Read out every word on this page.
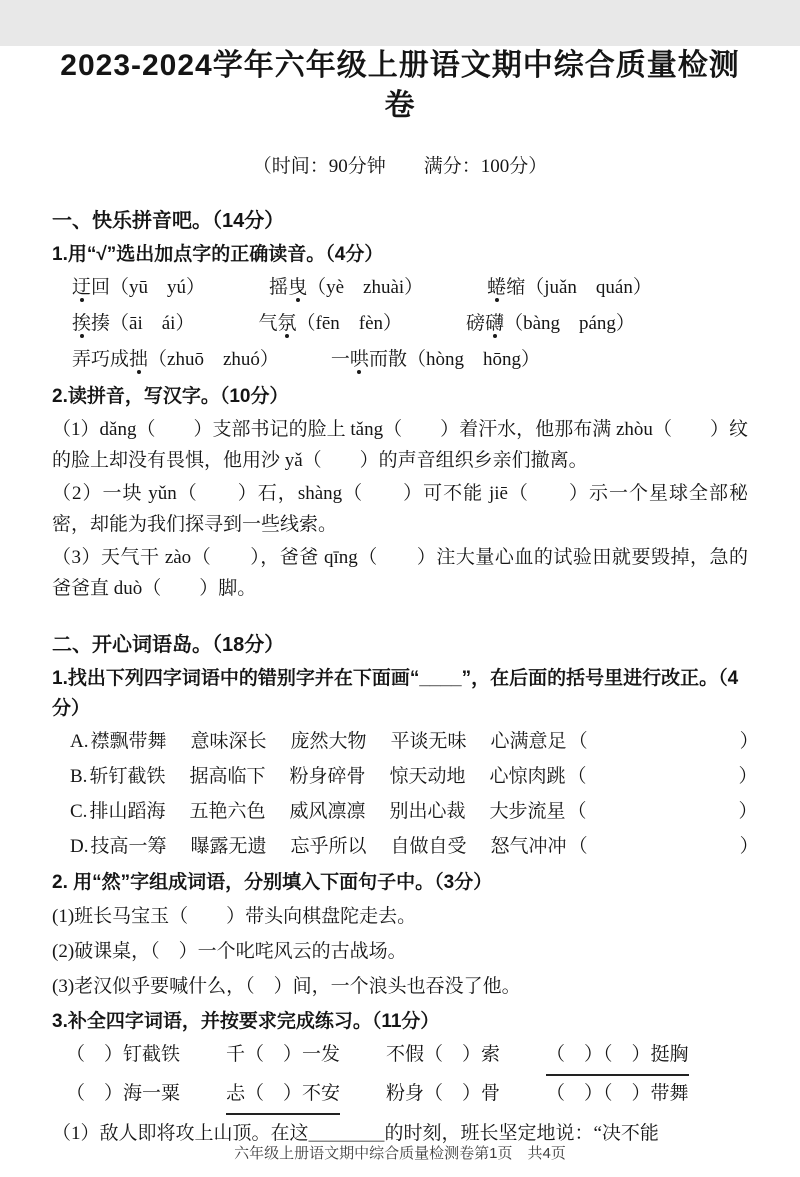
2023-2024学年六年级上册语文期中综合质量检测卷
（时间：90分钟　　满分：100分）
一、快乐拼音吧。（14分）
1.用“√”选出加点字的正确读音。（4分）
迂回（yū　yú）	摇曳（yè　zhuài）	蜷缩（juǎn　quán）
挨揍（āi　ái）	气氛（fēn　fèn）	磅礴（bàng　páng）
弄巧成拙（zhuō　zhuó）	一哄而散（hòng　hōng）
2.读拼音，写汉字。（10分）

（1）dǎng（　　）支部书记的脸上 tǎng（　　）着汗水，他那布满 zhòu（　　）纹的脸上却没有畏惧，他用沙 yǎ（　　）的声音组织乡亲们撤离。

（2）一块 yǔn（　　）石，shàng（　　）可不能 jiē（　　）示一个星球全部秘密，却能为我们探寻到一些线索。

（3）天气干 zào（　　），爸爸 qīng（　　）注大量心血的试验田就要毁掉，急的爸爸直 duò（　　）脚。

二、开心词语岛。（18分）
1.找出下列四字词语中的错别字并在下面画“____”，在后面的括号里进行改正。（4分）
A. 襟飘带舞 意味深长 庞然大物 平谈无味 心满意足 （　　　　　　　　）
B. 斩钉截铁 据高临下 粉身碎骨 惊天动地 心惊肉跳 （　　　　　　　　）
C. 排山蹈海 五艳六色 威风凛凛 别出心裁 大步流星 （　　　　　　　　）
D. 技高一筹 曝露无遗 忘乎所以 自做自受 怒气冲冲 （　　　　　　　　）
2. 用“然”字组成词语，分别填入下面句子中。（3分）

(1)班长马宝玉（　　）带头向棋盘陀走去。

(2)破课桌，（　）一个叱咤风云的古战场。

(3)老汉似乎要喊什么，（　）间，一个浪头也吞没了他。

3.补全四字词语，并按要求完成练习。（11分）
（　）钉截铁 千（　）一发 不假（　）索 （　）（　）挺胸
（　）海一粟 忐（　）不安 粉身（　）骨 （　）（　）带舞

（1）敌人即将攻上山顶。在这＿＿＿＿的时刻，班长坚定地说：“决不能

六年级上册语文期中综合质量检测卷第1页　共4页
